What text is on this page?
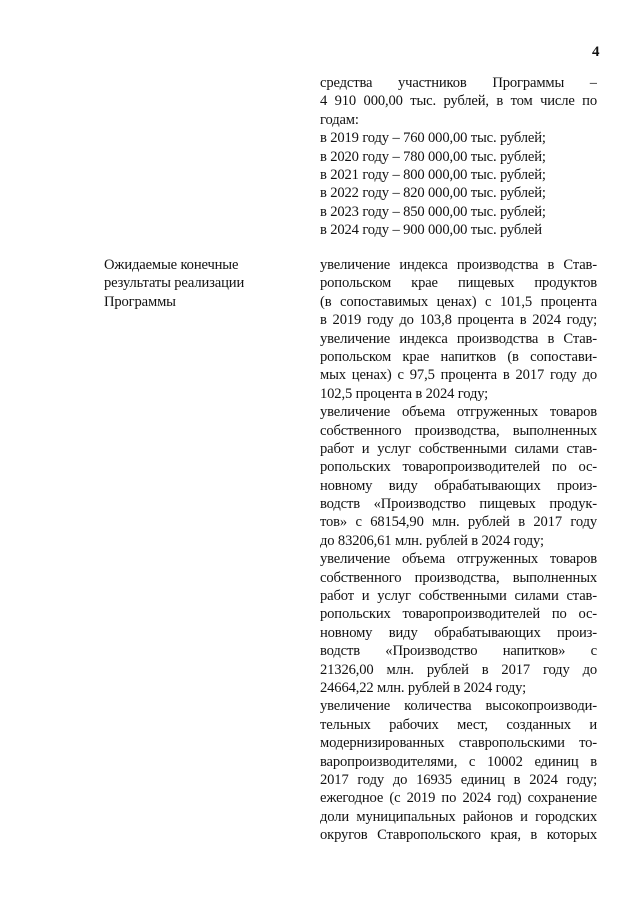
4
средства участников Программы –
4 910 000,00 тыс. рублей, в том числе по
годам:
в 2019 году – 760 000,00 тыс. рублей;
в 2020 году – 780 000,00 тыс. рублей;
в 2021 году – 800 000,00 тыс. рублей;
в 2022 году – 820 000,00 тыс. рублей;
в 2023 году – 850 000,00 тыс. рублей;
в 2024 году – 900 000,00 тыс. рублей
Ожидаемые конечные
результаты реализации
Программы
увеличение индекса производства в Став-
ропольском крае пищевых продуктов
(в сопоставимых ценах) с 101,5 процента
в 2019 году до 103,8 процента в 2024 году;
увеличение индекса производства в Став-
ропольском крае напитков (в сопостави-
мых ценах) с 97,5 процента в 2017 году до
102,5 процента в 2024 году;
увеличение объема отгруженных товаров
собственного производства, выполненных
работ и услуг собственными силами став-
ропольских товаропроизводителей по ос-
новному виду обрабатывающих произ-
водств «Производство пищевых продук-
тов» с 68154,90 млн. рублей в 2017 году
до 83206,61 млн. рублей в 2024 году;
увеличение объема отгруженных товаров
собственного производства, выполненных
работ и услуг собственными силами став-
ропольских товаропроизводителей по ос-
новному виду обрабатывающих произ-
водств «Производство напитков» с
21326,00 млн. рублей в 2017 году до
24664,22 млн. рублей в 2024 году;
увеличение количества высокопроизводи-
тельных рабочих мест, созданных и
модернизированных ставропольскими то-
варопроизводителями, с 10002 единиц в
2017 году до 16935 единиц в 2024 году;
ежегодное (с 2019 по 2024 год) сохранение
доли муниципальных районов и городских
округов Ставропольского края, в которых
